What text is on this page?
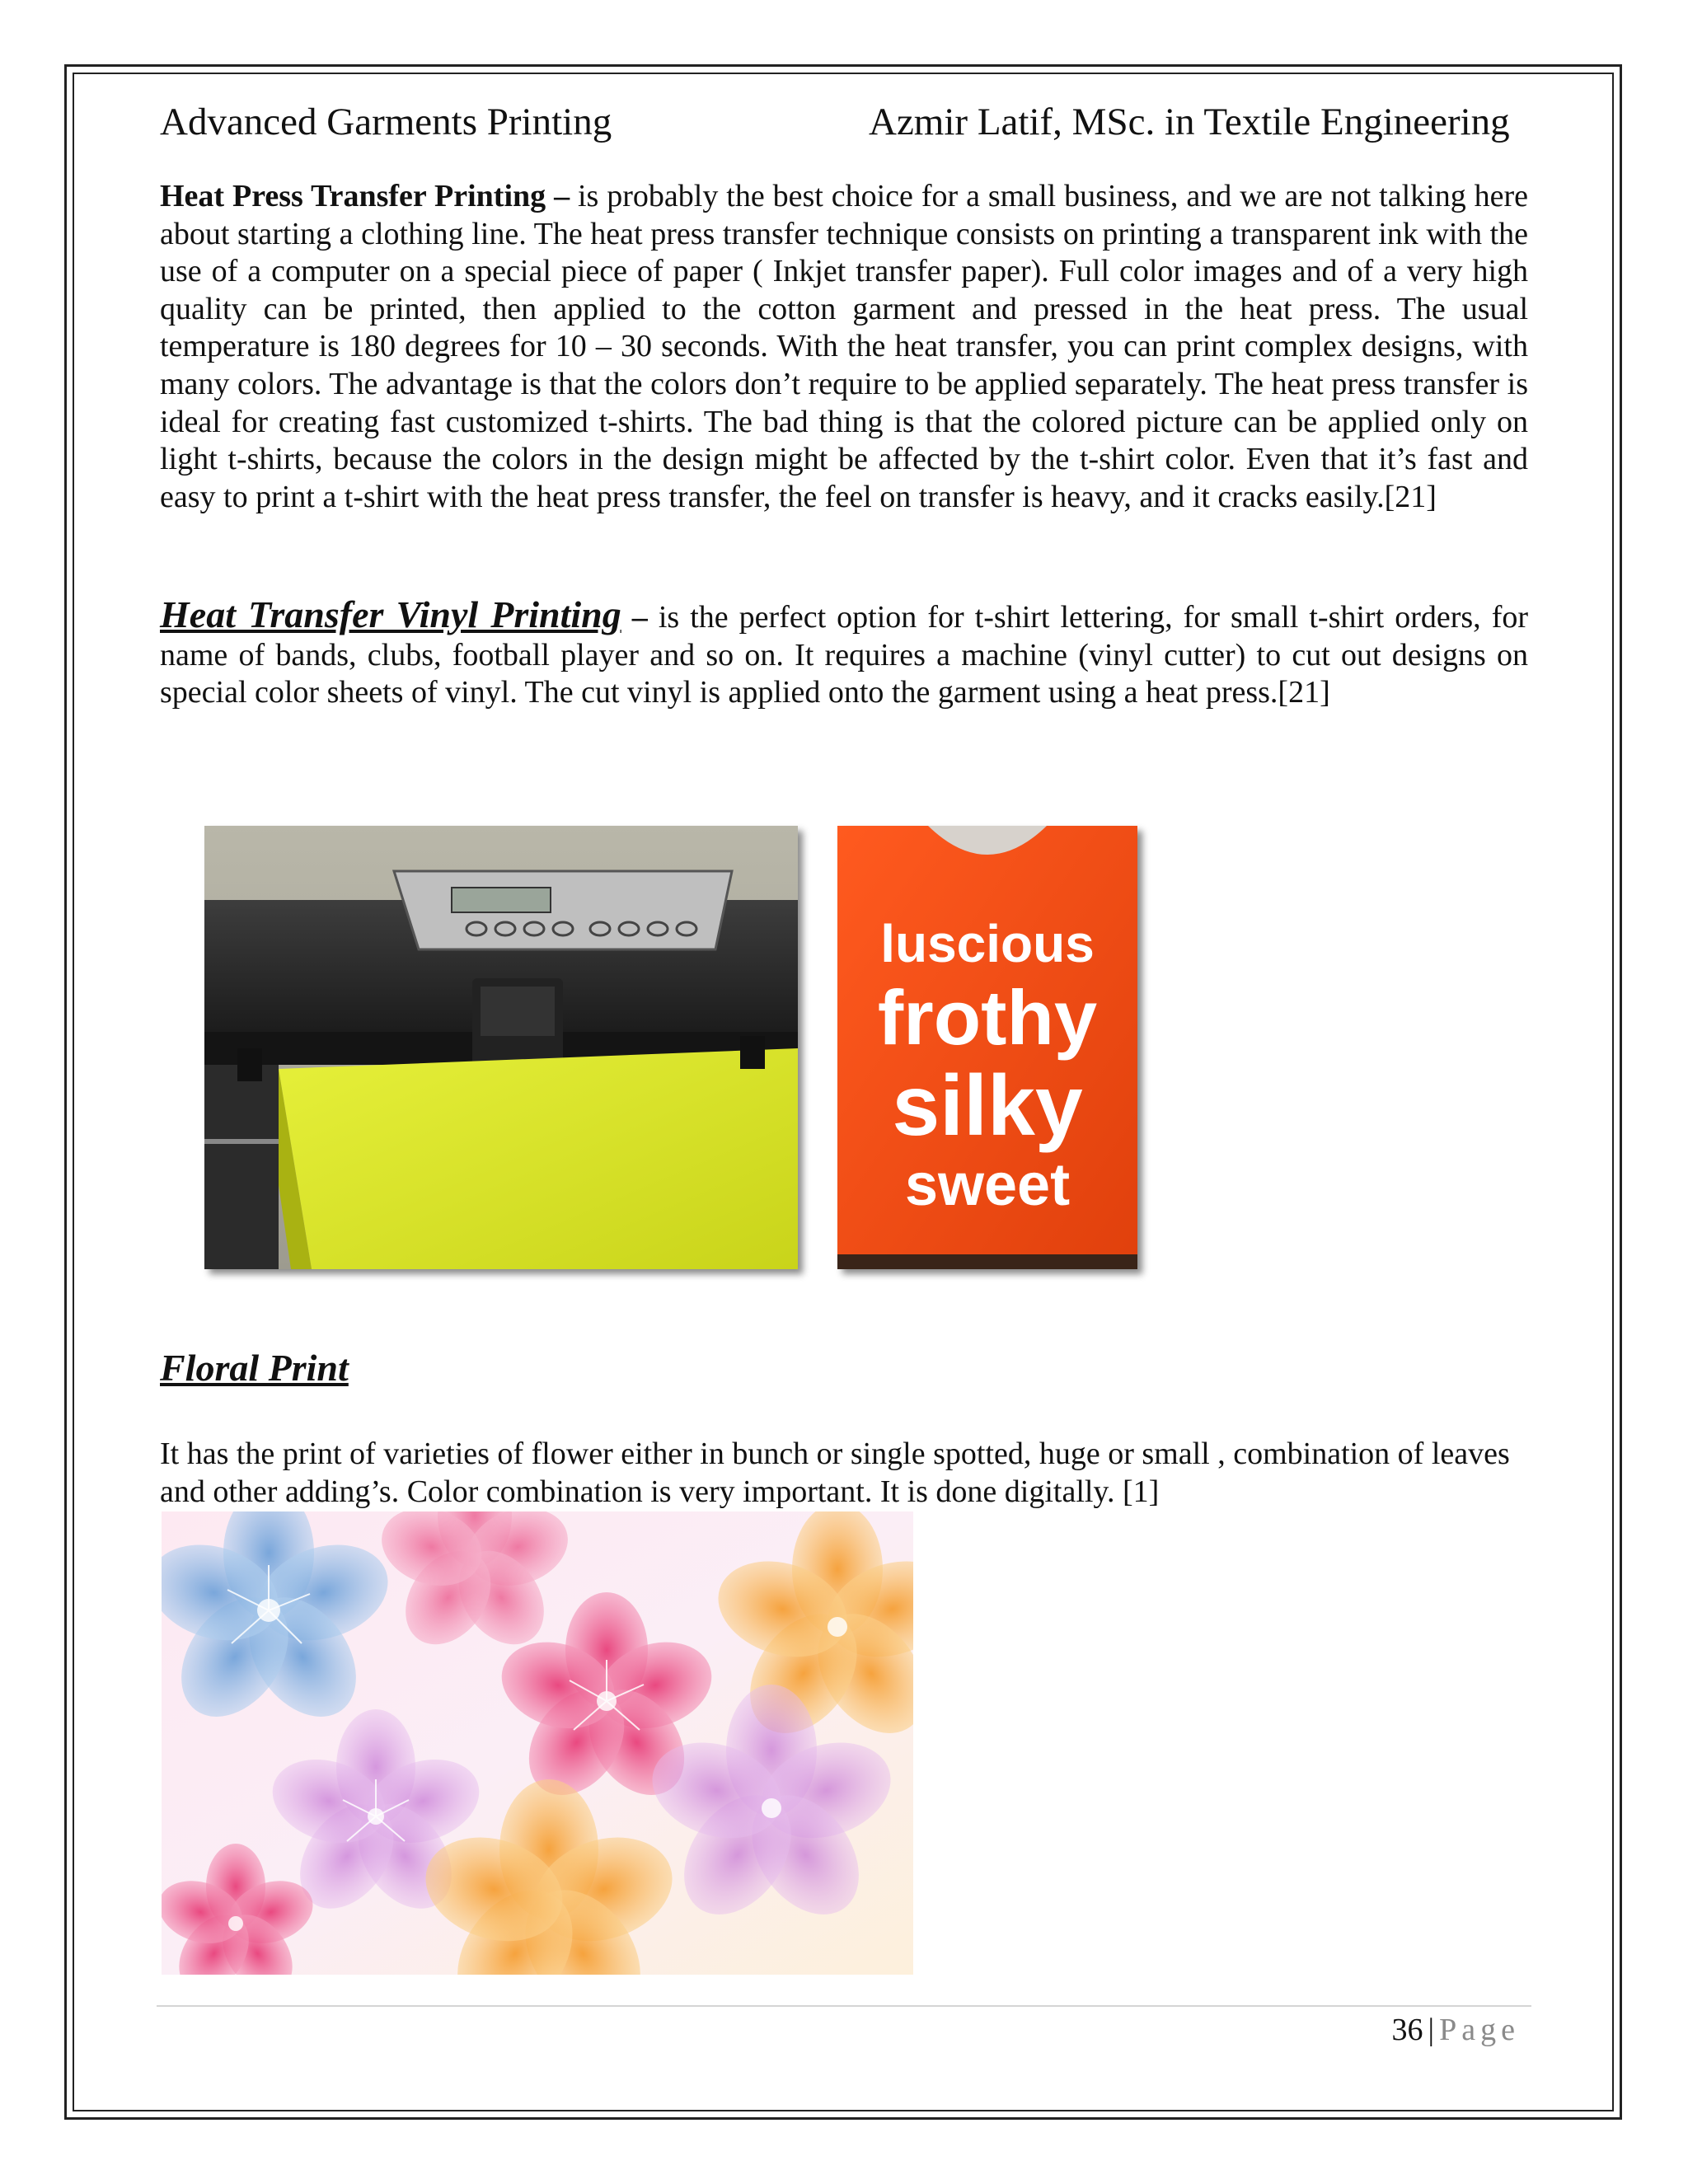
Advanced Garments Printing	Azmir Latif, MSc. in Textile Engineering

Heat Press Transfer Printing – is probably the best choice for a small business, and we are not talking here about starting a clothing line. The heat press transfer technique consists on printing a transparent ink with the use of a computer on a special piece of paper ( Inkjet transfer paper). Full color images and of a very high quality can be printed, then applied to the cotton garment and pressed in the heat press. The usual temperature is 180 degrees for 10 – 30 seconds. With the heat transfer, you can print complex designs, with many colors. The advantage is that the colors don’t require to be applied separately. The heat press transfer is ideal for creating fast customized t-shirts. The bad thing is that the colored picture can be applied only on light t-shirts, because the colors in the design might be affected by the t-shirt color. Even that it’s fast and easy to print a t-shirt with the heat press transfer, the feel on transfer is heavy, and it cracks easily.[21]

Heat Transfer Vinyl Printing – is the perfect option for t-shirt lettering, for small t-shirt orders, for name of bands, clubs, football player and so on. It requires a machine (vinyl cutter) to cut out designs on special color sheets of vinyl. The cut vinyl is applied onto the garment using a heat press.[21]

luscious
frothy
silky
sweet
Floral Print

It has the print of varieties of flower either in bunch or single spotted, huge or small , combination of leaves and other adding’s. Color combination is very important. It is done digitally. [1]

36 | Page
